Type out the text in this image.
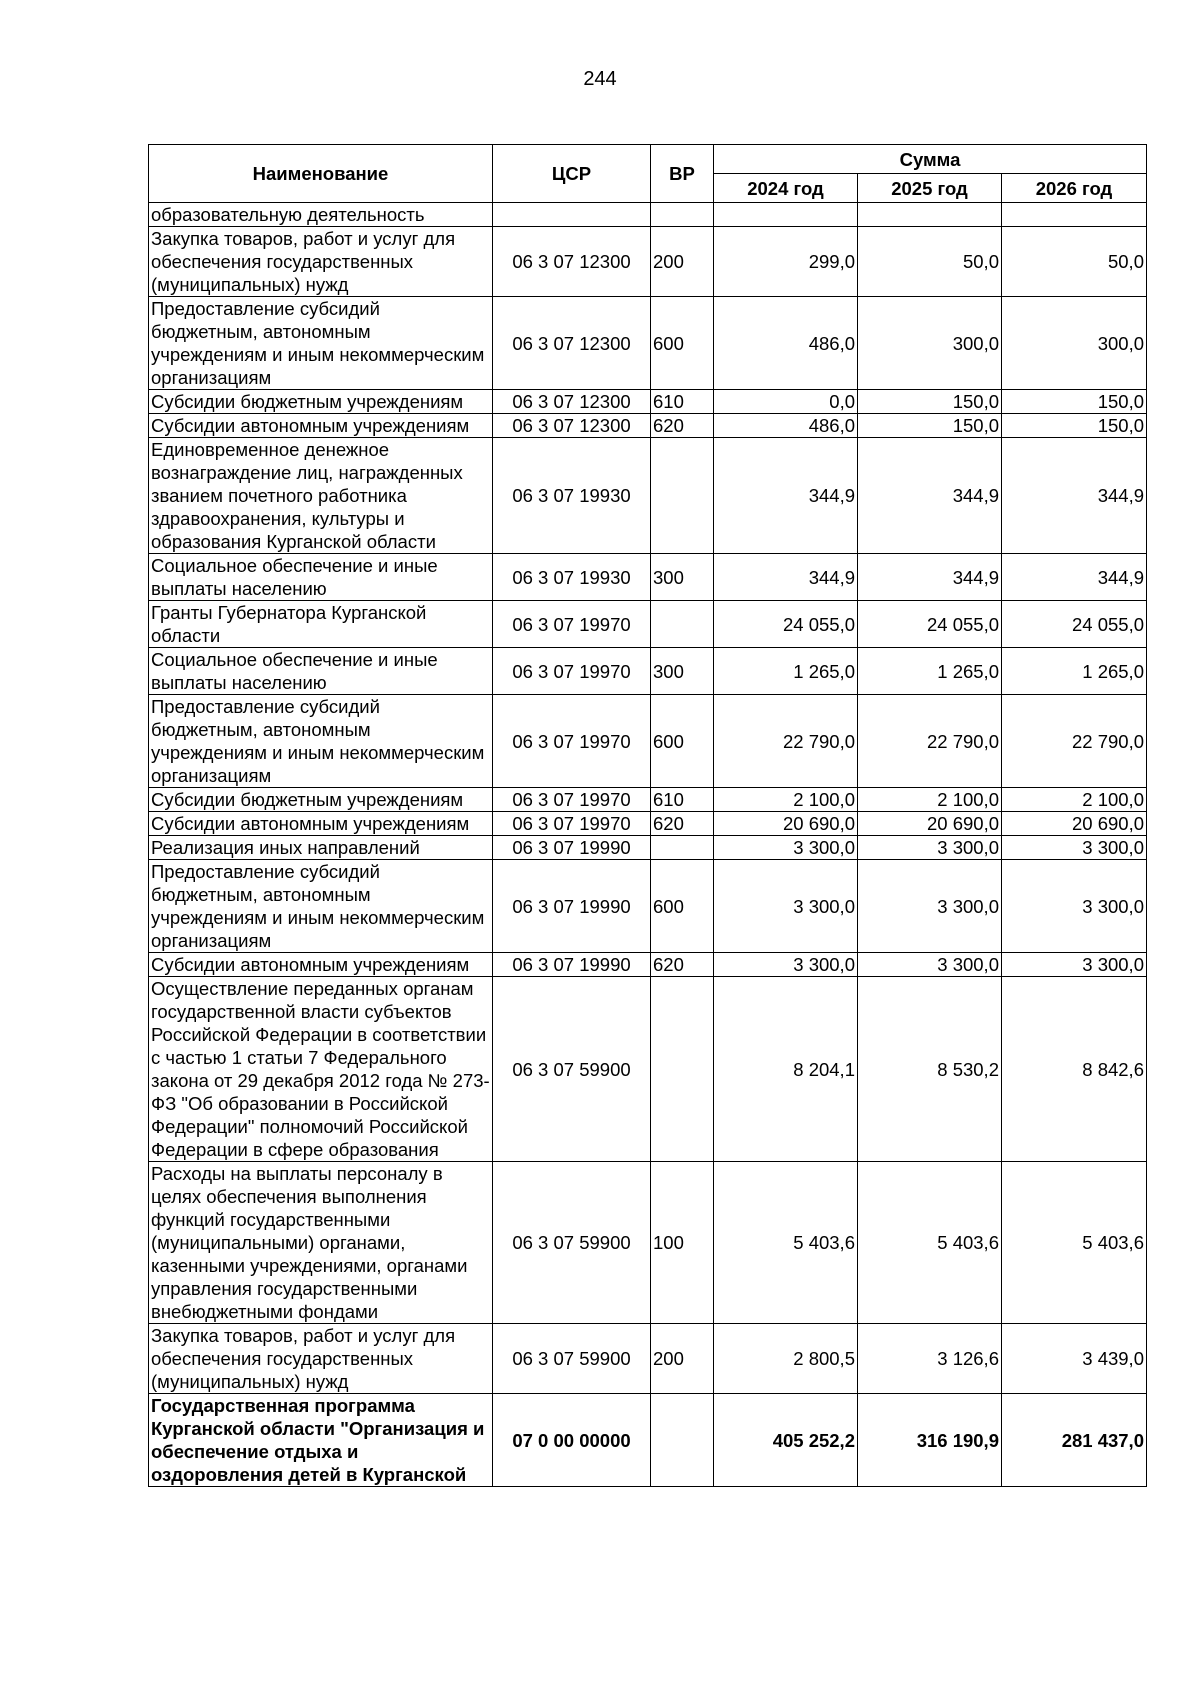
244
Наименование	ЦСР	ВР	Сумма		
			2024 год	2025 год	2026 год
образовательную деятельность					
Закупка товаров, работ и услуг для обеспечения государственных (муниципальных) нужд	06 3 07 12300	200	299,0	50,0	50,0
Предоставление субсидий бюджетным, автономным учреждениям и иным некоммерческим организациям	06 3 07 12300	600	486,0	300,0	300,0
Субсидии бюджетным учреждениям	06 3 07 12300	610	0,0	150,0	150,0
Субсидии автономным учреждениям	06 3 07 12300	620	486,0	150,0	150,0
Единовременное денежное вознаграждение лиц, награжденных званием почетного работника здравоохранения, культуры и образования Курганской области	06 3 07 19930		344,9	344,9	344,9
Социальное обеспечение и иные выплаты населению	06 3 07 19930	300	344,9	344,9	344,9
Гранты Губернатора Курганской области	06 3 07 19970		24 055,0	24 055,0	24 055,0
Социальное обеспечение и иные выплаты населению	06 3 07 19970	300	1 265,0	1 265,0	1 265,0
Предоставление субсидий бюджетным, автономным учреждениям и иным некоммерческим организациям	06 3 07 19970	600	22 790,0	22 790,0	22 790,0
Субсидии бюджетным учреждениям	06 3 07 19970	610	2 100,0	2 100,0	2 100,0
Субсидии автономным учреждениям	06 3 07 19970	620	20 690,0	20 690,0	20 690,0
Реализация иных направлений	06 3 07 19990		3 300,0	3 300,0	3 300,0
Предоставление субсидий бюджетным, автономным учреждениям и иным некоммерческим организациям	06 3 07 19990	600	3 300,0	3 300,0	3 300,0
Субсидии автономным учреждениям	06 3 07 19990	620	3 300,0	3 300,0	3 300,0
Осуществление переданных органам государственной власти субъектов Российской Федерации в соответствии с частью 1 статьи 7 Федерального закона от 29 декабря 2012 года № 273-ФЗ "Об образовании в Российской Федерации" полномочий Российской Федерации в сфере образования	06 3 07 59900		8 204,1	8 530,2	8 842,6
Расходы на выплаты персоналу в целях обеспечения выполнения функций государственными (муниципальными) органами, казенными учреждениями, органами управления государственными внебюджетными фондами	06 3 07 59900	100	5 403,6	5 403,6	5 403,6
Закупка товаров, работ и услуг для обеспечения государственных (муниципальных) нужд	06 3 07 59900	200	2 800,5	3 126,6	3 439,0
Государственная программа Курганской области "Организация и обеспечение отдыха и оздоровления детей в Курганской	07 0 00 00000		405 252,2	316 190,9	281 437,0
